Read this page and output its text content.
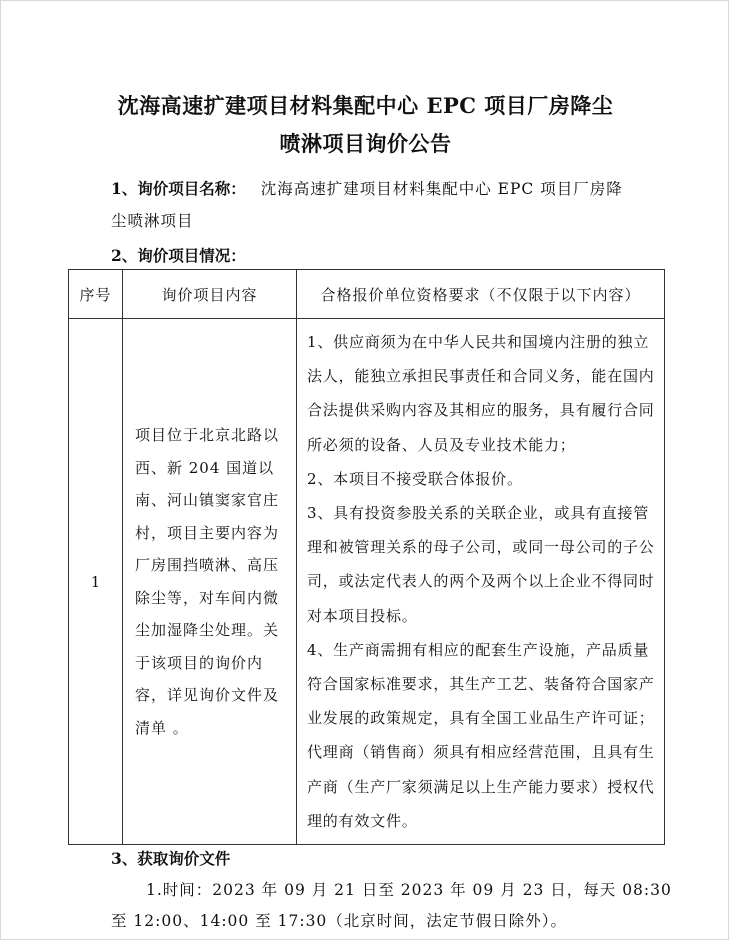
沈海高速扩建项目材料集配中心 EPC 项目厂房降尘
喷淋项目询价公告

1、询价项目名称： 沈海高速扩建项目材料集配中心 EPC 项目厂房降

尘喷淋项目

2、询价项目情况：

序号	询价项目内容	合格报价单位资格要求（不仅限于以下内容）
1	项目位于北京北路以西、新 204 国道以南、河山镇窦家官庄村，项目主要内容为厂房围挡喷淋、高压除尘等，对车间内微尘加湿降尘处理。关于该项目的询价内容，详见询价文件及清单 。	1、供应商须为在中华人民共和国境内注册的独立法人，能独立承担民事责任和合同义务，能在国内合法提供采购内容及其相应的服务，具有履行合同所必须的设备、人员及专业技术能力；

2、本项目不接受联合体报价。

3、具有投资参股关系的关联企业，或具有直接管理和被管理关系的母子公司，或同一母公司的子公司，或法定代表人的两个及两个以上企业不得同时对本项目投标。

4、生产商需拥有相应的配套生产设施，产品质量符合国家标准要求，其生产工艺、装备符合国家产业发展的政策规定，具有全国工业品生产许可证；代理商（销售商）须具有相应经营范围，且具有生产商（生产厂家须满足以上生产能力要求）授权代理的有效文件。

3、获取询价文件

1.时间：2023 年 09 月 21 日至 2023 年 09 月 23 日，每天 08:30

至 12:00、14:00 至 17:30（北京时间，法定节假日除外）。
